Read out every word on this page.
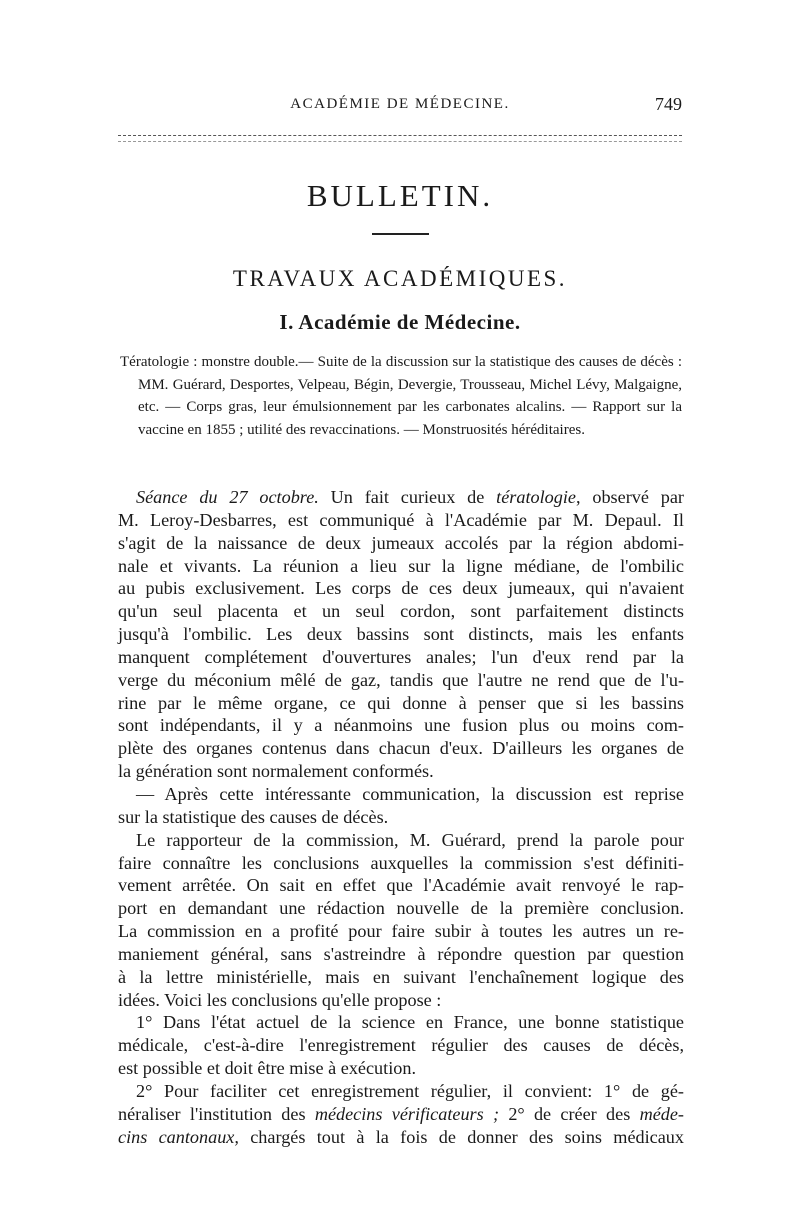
ACADÉMIE DE MÉDECINE.	749
BULLETIN.
TRAVAUX ACADÉMIQUES.
I. Académie de Médecine.

Tératologie : monstre double.— Suite de la discussion sur la statistique des causes de décès : MM. Guérard, Desportes, Velpeau, Bégin, Devergie, Trousseau, Michel Lévy, Malgaigne, etc. — Corps gras, leur émulsionnement par les carbonates alcalins. — Rapport sur la vaccine en 1855 ; utilité des revaccinations. — Monstruosités héréditaires.

Séance du 27 octobre. Un fait curieux de tératologie, observé par
M. Leroy-Desbarres, est communiqué à l'Académie par M. Depaul. Il
s'agit de la naissance de deux jumeaux accolés par la région abdomi-
nale et vivants. La réunion a lieu sur la ligne médiane, de l'ombilic
au pubis exclusivement. Les corps de ces deux jumeaux, qui n'avaient
qu'un seul placenta et un seul cordon, sont parfaitement distincts
jusqu'à l'ombilic. Les deux bassins sont distincts, mais les enfants
manquent complétement d'ouvertures anales; l'un d'eux rend par la
verge du méconium mêlé de gaz, tandis que l'autre ne rend que de l'u-
rine par le même organe, ce qui donne à penser que si les bassins
sont indépendants, il y a néanmoins une fusion plus ou moins com-
plète des organes contenus dans chacun d'eux. D'ailleurs les organes de
la génération sont normalement conformés.

— Après cette intéressante communication, la discussion est reprise
sur la statistique des causes de décès.

Le rapporteur de la commission, M. Guérard, prend la parole pour
faire connaître les conclusions auxquelles la commission s'est définiti-
vement arrêtée. On sait en effet que l'Académie avait renvoyé le rap-
port en demandant une rédaction nouvelle de la première conclusion.
La commission en a profité pour faire subir à toutes les autres un re-
maniement général, sans s'astreindre à répondre question par question
à la lettre ministérielle, mais en suivant l'enchaînement logique des
idées. Voici les conclusions qu'elle propose :

1° Dans l'état actuel de la science en France, une bonne statistique
médicale, c'est-à-dire l'enregistrement régulier des causes de décès,
est possible et doit être mise à exécution.

2° Pour faciliter cet enregistrement régulier, il convient: 1° de gé-
néraliser l'institution des médecins vérificateurs ; 2° de créer des méde-
cins cantonaux, chargés tout à la fois de donner des soins médicaux
